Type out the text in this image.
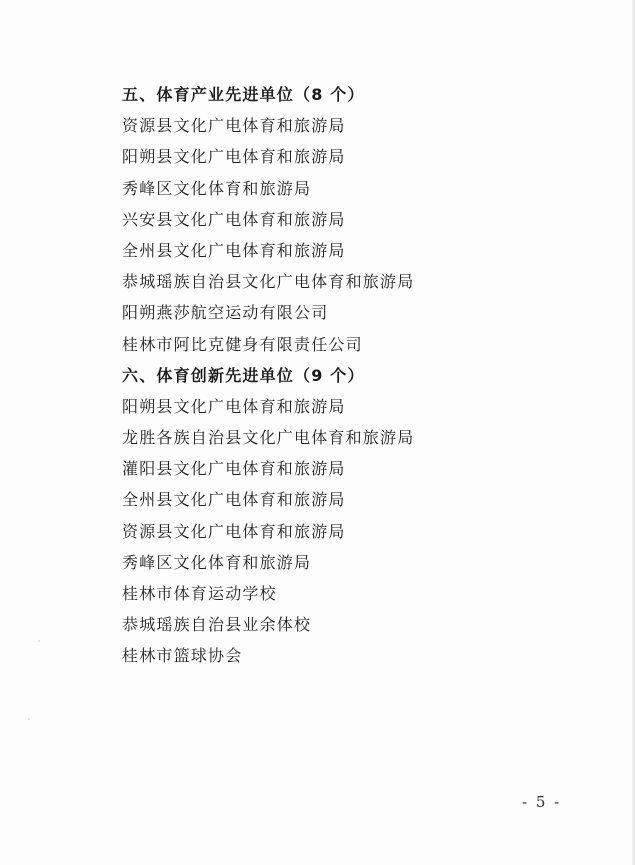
五、体育产业先进单位（8 个）
资源县文化广电体育和旅游局
阳朔县文化广电体育和旅游局
秀峰区文化体育和旅游局
兴安县文化广电体育和旅游局
全州县文化广电体育和旅游局
恭城瑶族自治县文化广电体育和旅游局
阳朔燕莎航空运动有限公司
桂林市阿比克健身有限责任公司
六、体育创新先进单位（9 个）
阳朔县文化广电体育和旅游局
龙胜各族自治县文化广电体育和旅游局
灌阳县文化广电体育和旅游局
全州县文化广电体育和旅游局
资源县文化广电体育和旅游局
秀峰区文化体育和旅游局
桂林市体育运动学校
恭城瑶族自治县业余体校
桂林市篮球协会
- 5 -
